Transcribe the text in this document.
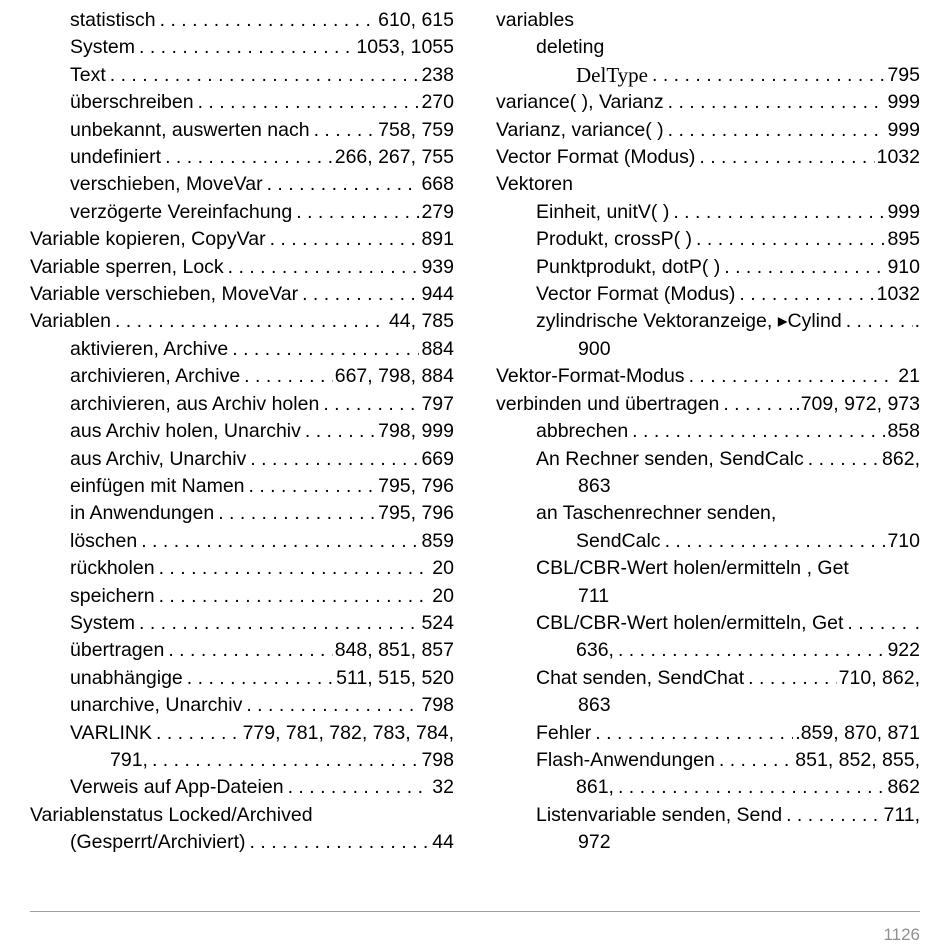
statistisch . . .	610, 615
System . . .	1053, 1055
Text . . .	238
überschreiben . . .	270
unbekannt, auswerten nach . . .	758, 759
undefiniert . . .	266, 267, 755
verschieben, MoveVar . . .	668
verzögerte Vereinfachung . . .	279
Variable kopieren, CopyVar . . .	891
Variable sperren, Lock . . .	939
Variable verschieben, MoveVar . . .	944
Variablen . . .	44, 785
aktivieren, Archive . . .	884
archivieren, Archive . . .	667, 798, 884
archivieren, aus Archiv holen . . .	797
aus Archiv holen, Unarchiv . . .	798, 999
aus Archiv, Unarchiv . . .	669
einfügen mit Namen . . .	795, 796
in Anwendungen . . .	795, 796
löschen . . .	859
rückholen . . .	20
speichern . . .	20
System . . .	524
übertragen . . .	848, 851, 857
unabhängige . . .	511, 515, 520
unarchive, Unarchiv . . .	798
VARLINK . . .	779, 781, 782, 783, 784,
791, . . .	798
Verweis auf App-Dateien . . .	32
Variablenstatus Locked/Archived
(Gesperrt/Archiviert) . . .	44
variables
deleting
DelType . . .	795
variance( ), Varianz . . .	999
Varianz, variance( ) . . .	999
Vector Format (Modus) . . .	1032
Vektoren
Einheit, unitV( ) . . .	999
Produkt, crossP( ) . . .	895
Punktprodukt, dotP( ) . . .	910
Vector Format (Modus) . . .	1032
zylindrische Vektoranzeige, ▸Cylind . . .	.
900
Vektor-Format-Modus . . .	21
verbinden und übertragen . . .	.709, 972, 973
abbrechen . . .	858
An Rechner senden, SendCalc . . .	862,
863
an Taschenrechner senden,
SendCalc . . .	710
CBL/CBR-Wert holen/ermitteln , Get
711
CBL/CBR-Wert holen/ermitteln, Get . . .	.
636, . . .	922
Chat senden, SendChat . . .	710, 862,
863
Fehler . . .	.859, 870, 871
Flash-Anwendungen . . .	851, 852, 855,
861, . . .	862
Listenvariable senden, Send . . .	711,
972
1126
